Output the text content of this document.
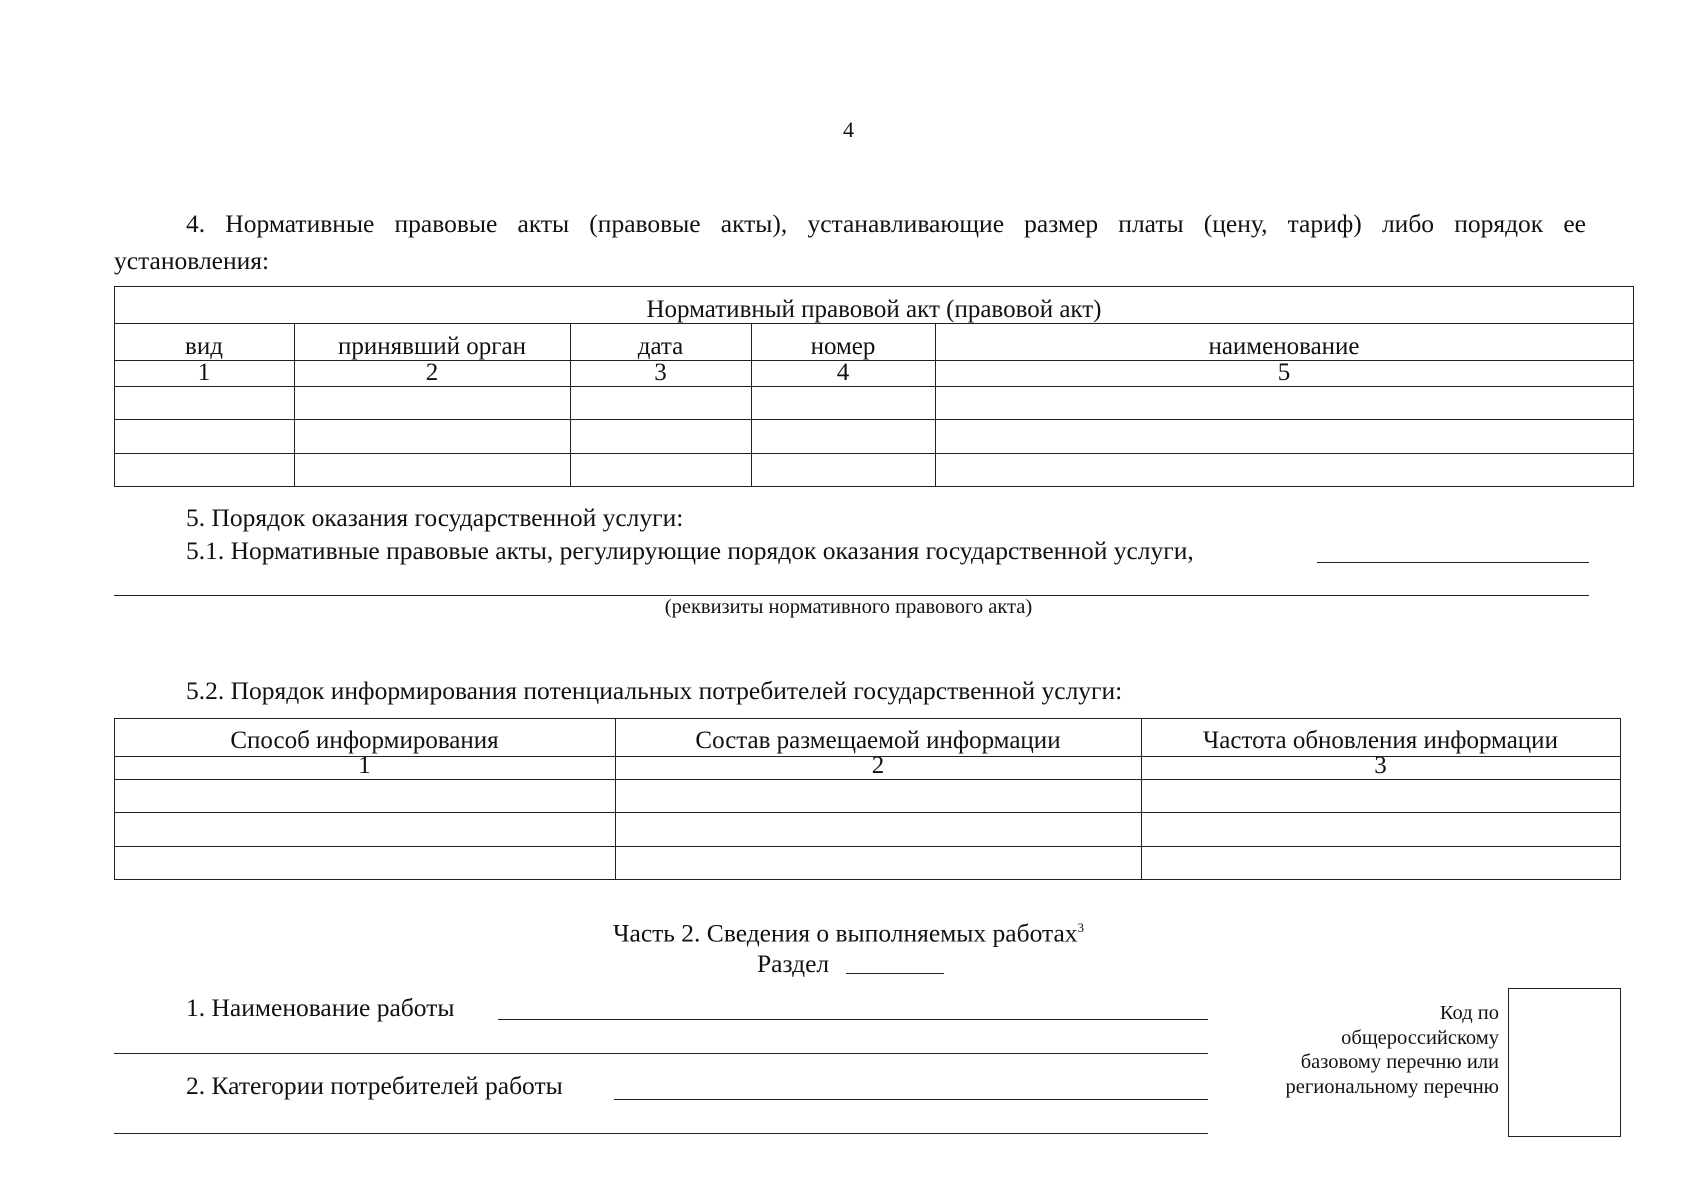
4
4. Нормативные правовые акты (правовые акты), устанавливающие размер платы (цену, тариф) либо порядок ее
установления:
Нормативный правовой акт (правовой акт)
вид	принявший орган	дата	номер	наименование
1	2	3	4	5
5. Порядок оказания государственной услуги:
5.1. Нормативные правовые акты, регулирующие порядок оказания государственной услуги,
(реквизиты нормативного правового акта)
5.2. Порядок информирования потенциальных потребителей государственной услуги:
Способ информирования	Состав размещаемой информации	Частота обновления информации
1	2	3
Часть 2. Сведения о выполняемых работах$^3$
Раздел
1. Наименование работы
2. Категории потребителей работы
Код по
общероссийскому
базовому перечню или
региональному перечню
